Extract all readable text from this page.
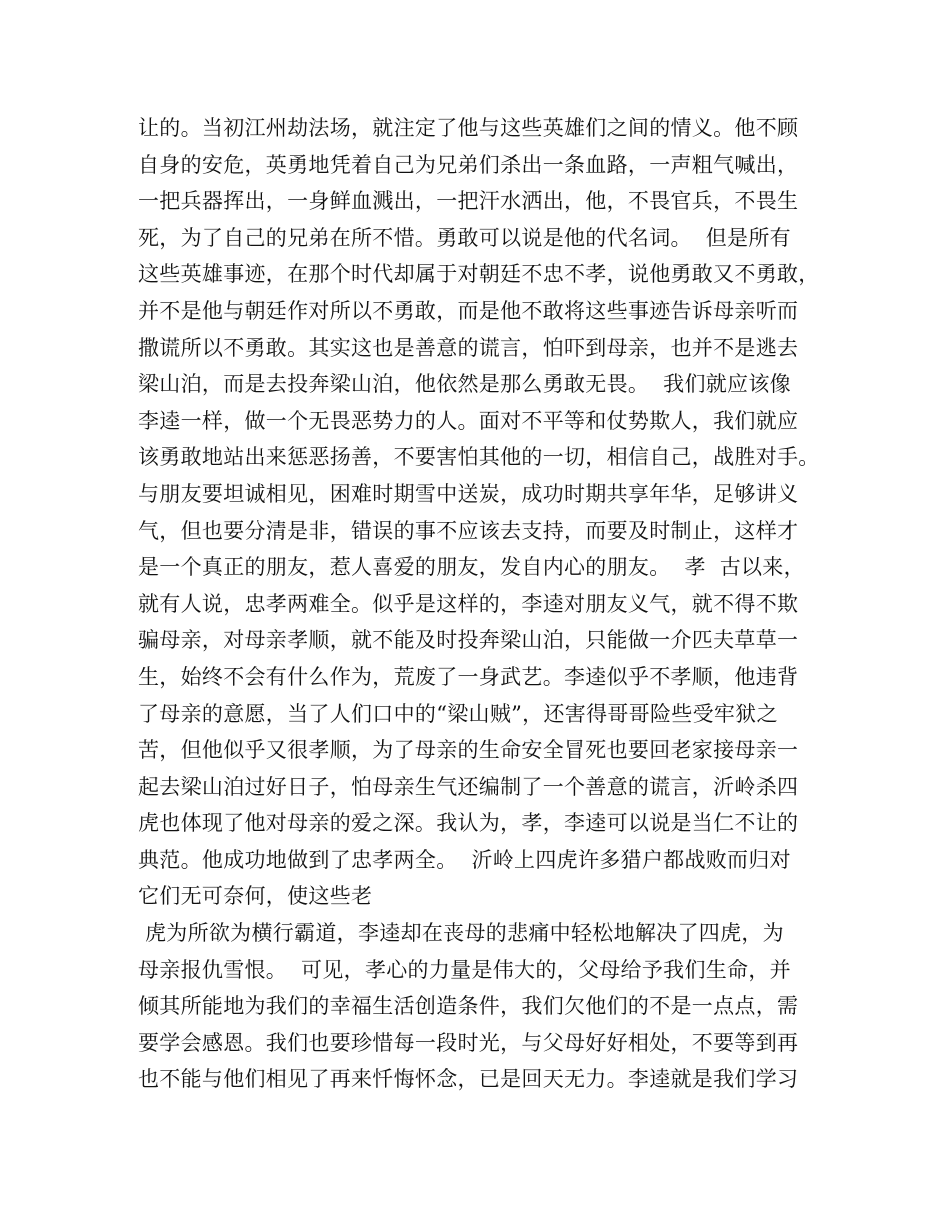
让的。当初江州劫法场，就注定了他与这些英雄们之间的情义。他不顾
自身的安危，英勇地凭着自己为兄弟们杀出一条血路，一声粗气喊出，
一把兵器挥出，一身鲜血溅出，一把汗水洒出，他，不畏官兵，不畏生
死，为了自己的兄弟在所不惜。勇敢可以说是他的代名词。  但是所有
这些英雄事迹，在那个时代却属于对朝廷不忠不孝，说他勇敢又不勇敢，
并不是他与朝廷作对所以不勇敢，而是他不敢将这些事迹告诉母亲听而
撒谎所以不勇敢。其实这也是善意的谎言，怕吓到母亲，也并不是逃去
梁山泊，而是去投奔梁山泊，他依然是那么勇敢无畏。  我们就应该像
李逵一样，做一个无畏恶势力的人。面对不平等和仗势欺人，我们就应
该勇敢地站出来惩恶扬善，不要害怕其他的一切，相信自己，战胜对手。
与朋友要坦诚相见，困难时期雪中送炭，成功时期共享年华，足够讲义
气，但也要分清是非，错误的事不应该去支持，而要及时制止，这样才
是一个真正的朋友，惹人喜爱的朋友，发自内心的朋友。  孝  古以来，
就有人说，忠孝两难全。似乎是这样的，李逵对朋友义气，就不得不欺
骗母亲，对母亲孝顺，就不能及时投奔梁山泊，只能做一介匹夫草草一
生，始终不会有什么作为，荒废了一身武艺。李逵似乎不孝顺，他违背
了母亲的意愿，当了人们口中的“梁山贼”，还害得哥哥险些受牢狱之
苦，但他似乎又很孝顺，为了母亲的生命安全冒死也要回老家接母亲一
起去梁山泊过好日子，怕母亲生气还编制了一个善意的谎言，沂岭杀四
虎也体现了他对母亲的爱之深。我认为，孝，李逵可以说是当仁不让的
典范。他成功地做到了忠孝两全。  沂岭上四虎许多猎户都战败而归对
它们无可奈何，使这些老
虎为所欲为横行霸道，李逵却在丧母的悲痛中轻松地解决了四虎，为
母亲报仇雪恨。  可见，孝心的力量是伟大的，父母给予我们生命，并
倾其所能地为我们的幸福生活创造条件，我们欠他们的不是一点点，需
要学会感恩。我们也要珍惜每一段时光，与父母好好相处，不要等到再
也不能与他们相见了再来忏悔怀念，已是回天无力。李逵就是我们学习
